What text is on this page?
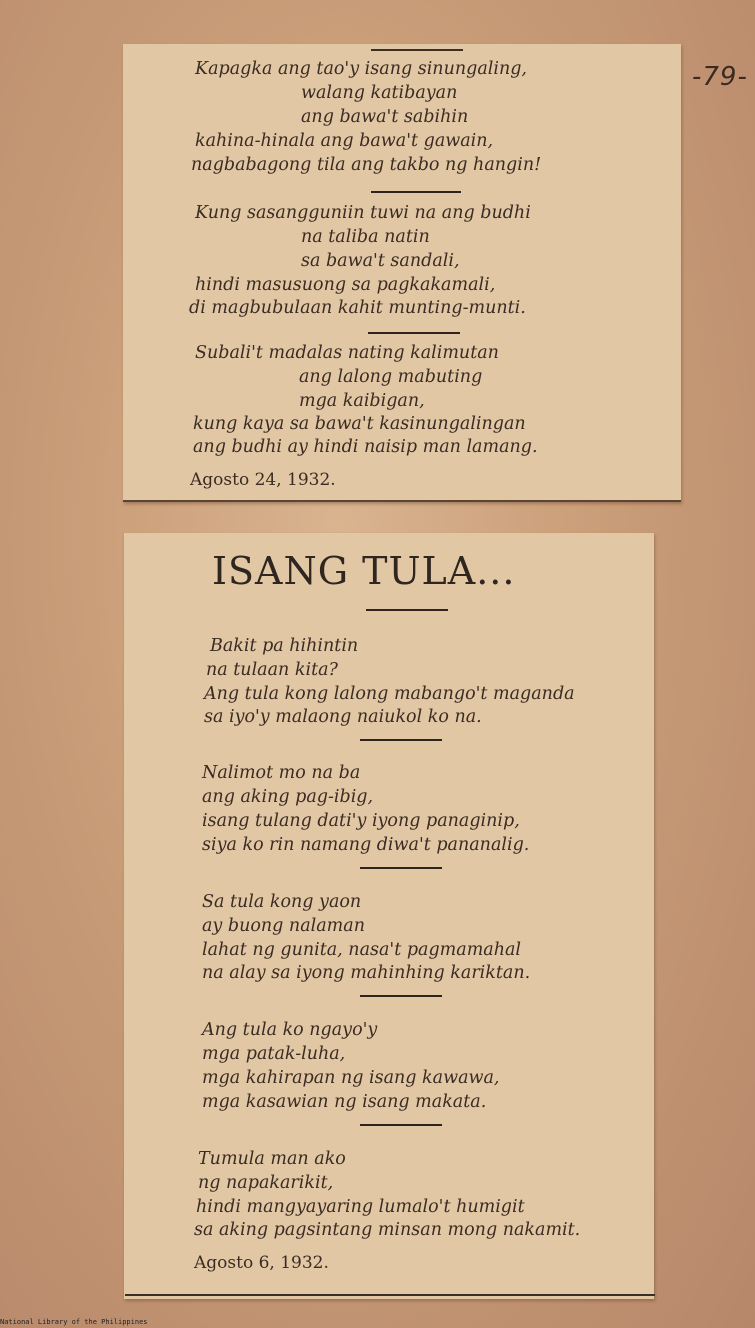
-79-
Kapagka ang tao'y isang sinungaling,
walang katibayan
ang bawa't sabihin
kahina-hinala ang bawa't gawain,
nagbabagong tila ang takbo ng hangin!
Kung sasangguniin tuwi na ang budhi
na taliba natin
sa bawa't sandali,
hindi masusuong sa pagkakamali,
di magbubulaan kahit munting-munti.
Subali't madalas nating kalimutan
ang lalong mabuting
mga kaibigan,
kung kaya sa bawa't kasinungalingan
ang budhi ay hindi naisip man lamang.
Agosto 24, 1932.
ISANG TULA...
Bakit pa hihintin
na tulaan kita?
Ang tula kong lalong mabango't maganda
sa iyo'y malaong naiukol ko na.
Nalimot mo na ba
ang aking pag-ibig,
isang tulang dati'y iyong panaginip,
siya ko rin namang diwa't pananalig.
Sa tula kong yaon
ay buong nalaman
lahat ng gunita, nasa't pagmamahal
na alay sa iyong mahinhing kariktan.
Ang tula ko ngayo'y
mga patak-luha,
mga kahirapan ng isang kawawa,
mga kasawian ng isang makata.
Tumula man ako
ng napakarikit,
hindi mangyayaring lumalo't humigit
sa aking pagsintang minsan mong nakamit.
Agosto 6, 1932.
National Library of the Philippines
